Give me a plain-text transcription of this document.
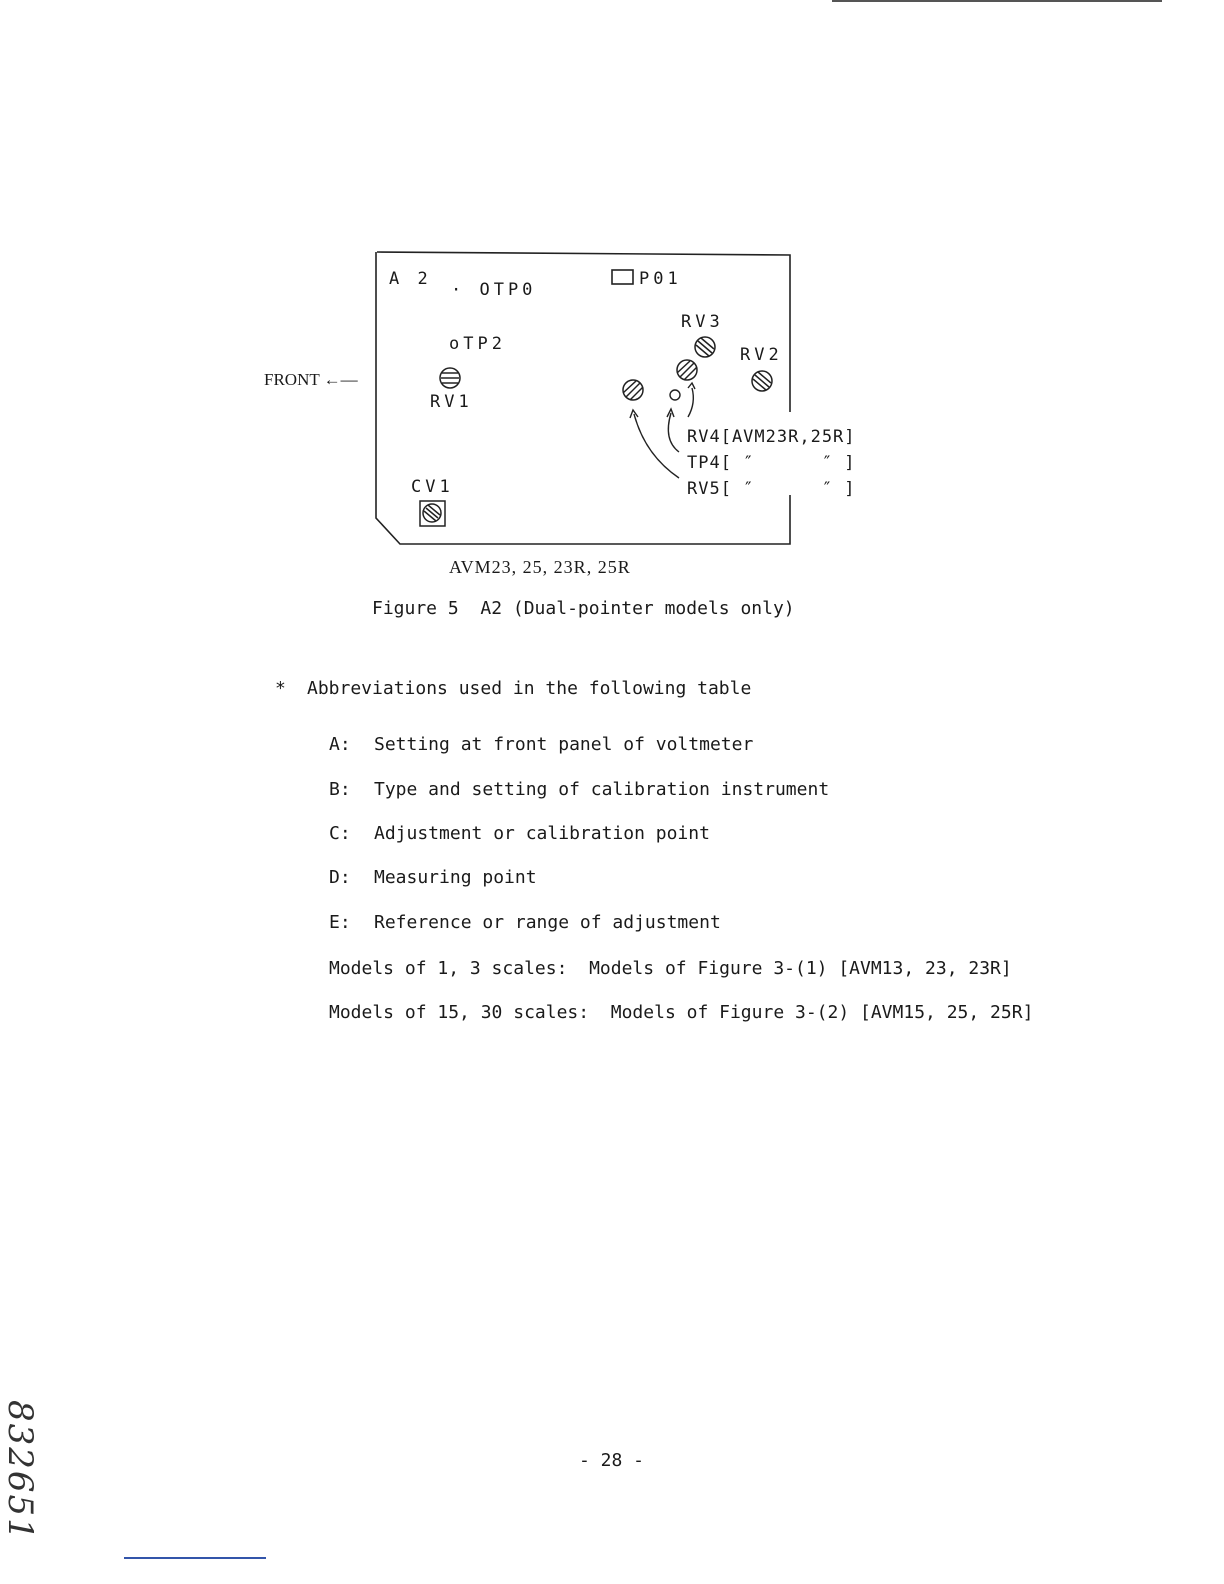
A 2
· OTP0
P01
RV3
oTP2
RV2
FRONT ←—
RV1
RV4[AVM23R,25R]
TP4[ ″      ″ ]
RV5[ ″      ″ ]
CV1
AVM23, 25, 23R, 25R
Figure 5  A2 (Dual-pointer models only)
* Abbreviations used in the following table
A: Setting at front panel of voltmeter
B: Type and setting of calibration instrument
C: Adjustment or calibration point
D: Measuring point
E: Reference or range of adjustment
Models of 1, 3 scales:  Models of Figure 3-(1) [AVM13, 23, 23R]
Models of 15, 30 scales:  Models of Figure 3-(2) [AVM15, 25, 25R]
832651	- 28 -
